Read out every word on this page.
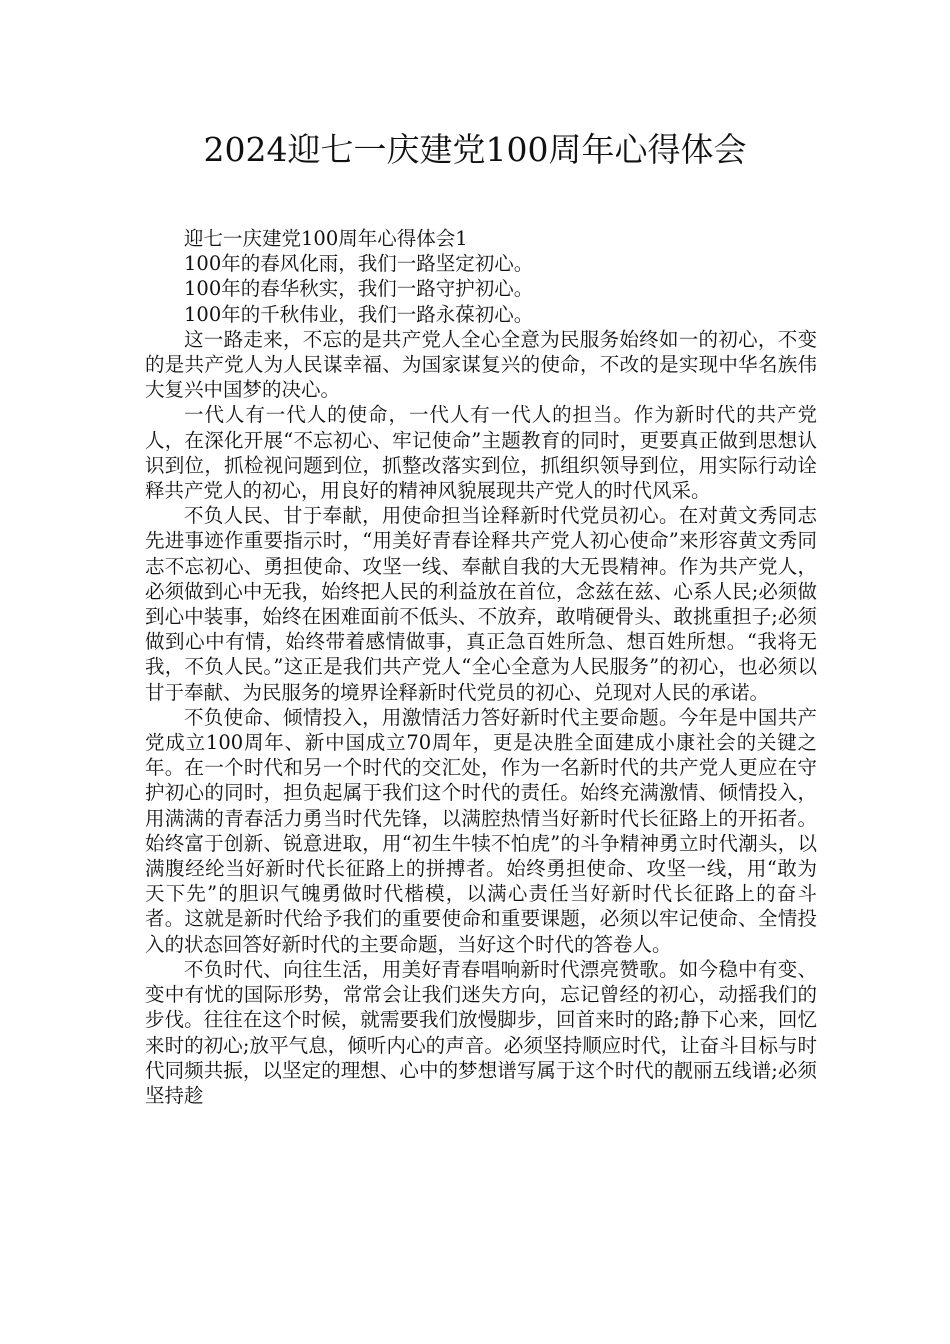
2024迎七一庆建党100周年心得体会

迎七一庆建党100周年心得体会1

100年的春风化雨，我们一路坚定初心。

100年的春华秋实，我们一路守护初心。

100年的千秋伟业，我们一路永葆初心。

这一路走来，不忘的是共产党人全心全意为民服务始终如一的初心，不变的是共产党人为人民谋幸福、为国家谋复兴的使命，不改的是实现中华名族伟大复兴中国梦的决心。

一代人有一代人的使命，一代人有一代人的担当。作为新时代的共产党人，在深化开展“不忘初心、牢记使命”主题教育的同时，更要真正做到思想认识到位，抓检视问题到位，抓整改落实到位，抓组织领导到位，用实际行动诠释共产党人的初心，用良好的精神风貌展现共产党人的时代风采。

不负人民、甘于奉献，用使命担当诠释新时代党员初心。在对黄文秀同志先进事迹作重要指示时，“用美好青春诠释共产党人初心使命”来形容黄文秀同志不忘初心、勇担使命、攻坚一线、奉献自我的大无畏精神。作为共产党人，必须做到心中无我，始终把人民的利益放在首位，念兹在兹、心系人民;必须做到心中装事，始终在困难面前不低头、不放弃，敢啃硬骨头、敢挑重担子;必须做到心中有情，始终带着感情做事，真正急百姓所急、想百姓所想。“我将无我，不负人民。”这正是我们共产党人“全心全意为人民服务”的初心，也必须以甘于奉献、为民服务的境界诠释新时代党员的初心、兑现对人民的承诺。

不负使命、倾情投入，用激情活力答好新时代主要命题。今年是中国共产党成立100周年、新中国成立70周年，更是决胜全面建成小康社会的关键之年。在一个时代和另一个时代的交汇处，作为一名新时代的共产党人更应在守护初心的同时，担负起属于我们这个时代的责任。始终充满激情、倾情投入，用满满的青春活力勇当时代先锋，以满腔热情当好新时代长征路上的开拓者。始终富于创新、锐意进取，用“初生牛犊不怕虎”的斗争精神勇立时代潮头，以满腹经纶当好新时代长征路上的拼搏者。始终勇担使命、攻坚一线，用“敢为天下先”的胆识气魄勇做时代楷模，以满心责任当好新时代长征路上的奋斗者。这就是新时代给予我们的重要使命和重要课题，必须以牢记使命、全情投入的状态回答好新时代的主要命题，当好这个时代的答卷人。

不负时代、向往生活，用美好青春唱响新时代漂亮赞歌。如今稳中有变、变中有忧的国际形势，常常会让我们迷失方向，忘记曾经的初心，动摇我们的步伐。往往在这个时候，就需要我们放慢脚步，回首来时的路;静下心来，回忆来时的初心;放平气息，倾听内心的声音。必须坚持顺应时代，让奋斗目标与时代同频共振，以坚定的理想、心中的梦想谱写属于这个时代的靓丽五线谱;必须坚持趁
